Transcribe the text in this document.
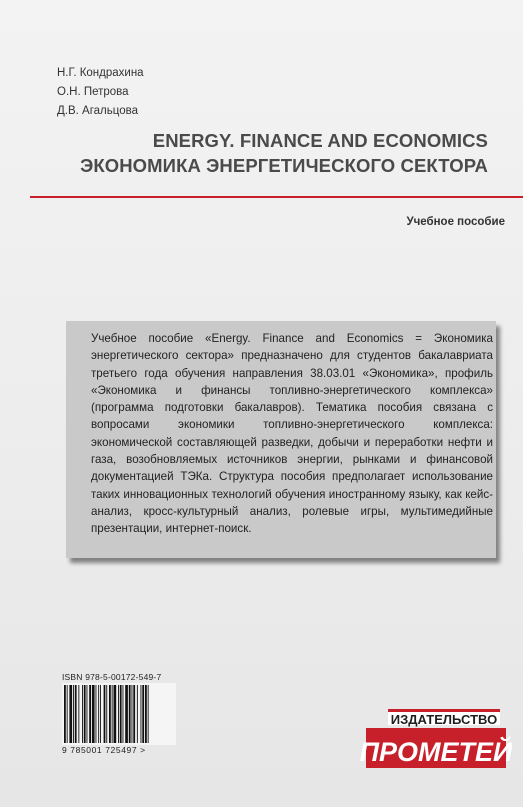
Н.Г. Кондрахина
О.Н. Петрова
Д.В. Агальцова
ENERGY. FINANCE AND ECONOMICS
ЭКОНОМИКА ЭНЕРГЕТИЧЕСКОГО СЕКТОРА
Учебное пособие
Учебное пособие «Energy. Finance and Economics = Экономика энергетического сектора» предназначено для студентов бакалавриата третьего года обучения направления 38.03.01 «Экономика», профиль «Экономика и финансы топливно-энергетического комплекса» (программа подготовки бакалавров). Тематика пособия связана с вопросами экономики топливно-энергетического комплекса: экономической составляющей разведки, добычи и переработки нефти и газа, возобновляемых источников энергии, рынками и финансовой документацией ТЭКа. Структура пособия предполагает использование таких инновационных технологий обучения иностранному языку, как кейс-анализ, кросс-культурный анализ, ролевые игры, мультимедийные презентации, интернет-поиск.
ISBN 978-5-00172-549-7
9 785001 725497 >
ИЗДАТЕЛЬСТВО
ПРОМЕТЕЙ
